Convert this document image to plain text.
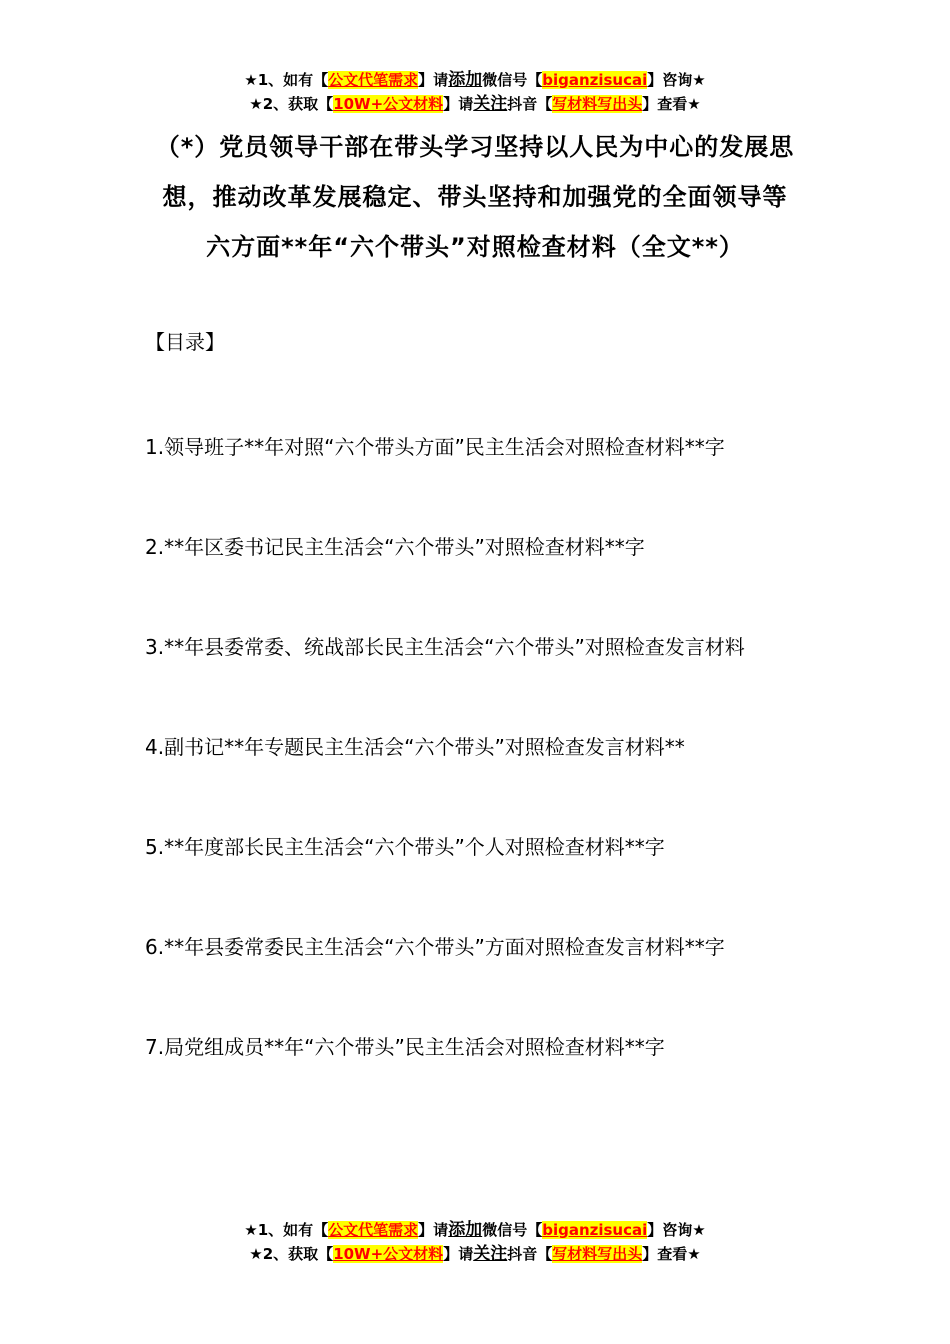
★1、如有【公文代笔需求】请添加微信号【biganzisucai】咨询★
★2、获取【10W+公文材料】请关注抖音【写材料写出头】查看★
（*）党员领导干部在带头学习坚持以人民为中心的发展思
想，推动改革发展稳定、带头坚持和加强党的全面领导等
六方面**年“六个带头”对照检查材料（全文**）
【目录】
1.领导班子**年对照“六个带头方面”民主生活会对照检查材料**字
2.**年区委书记民主生活会“六个带头”对照检查材料**字
3.**年县委常委、统战部长民主生活会“六个带头”对照检查发言材料
4.副书记**年专题民主生活会“六个带头”对照检查发言材料**
5.**年度部长民主生活会“六个带头”个人对照检查材料**字
6.**年县委常委民主生活会“六个带头”方面对照检查发言材料**字
7.局党组成员**年“六个带头”民主生活会对照检查材料**字
★1、如有【公文代笔需求】请添加微信号【biganzisucai】咨询★
★2、获取【10W+公文材料】请关注抖音【写材料写出头】查看★
